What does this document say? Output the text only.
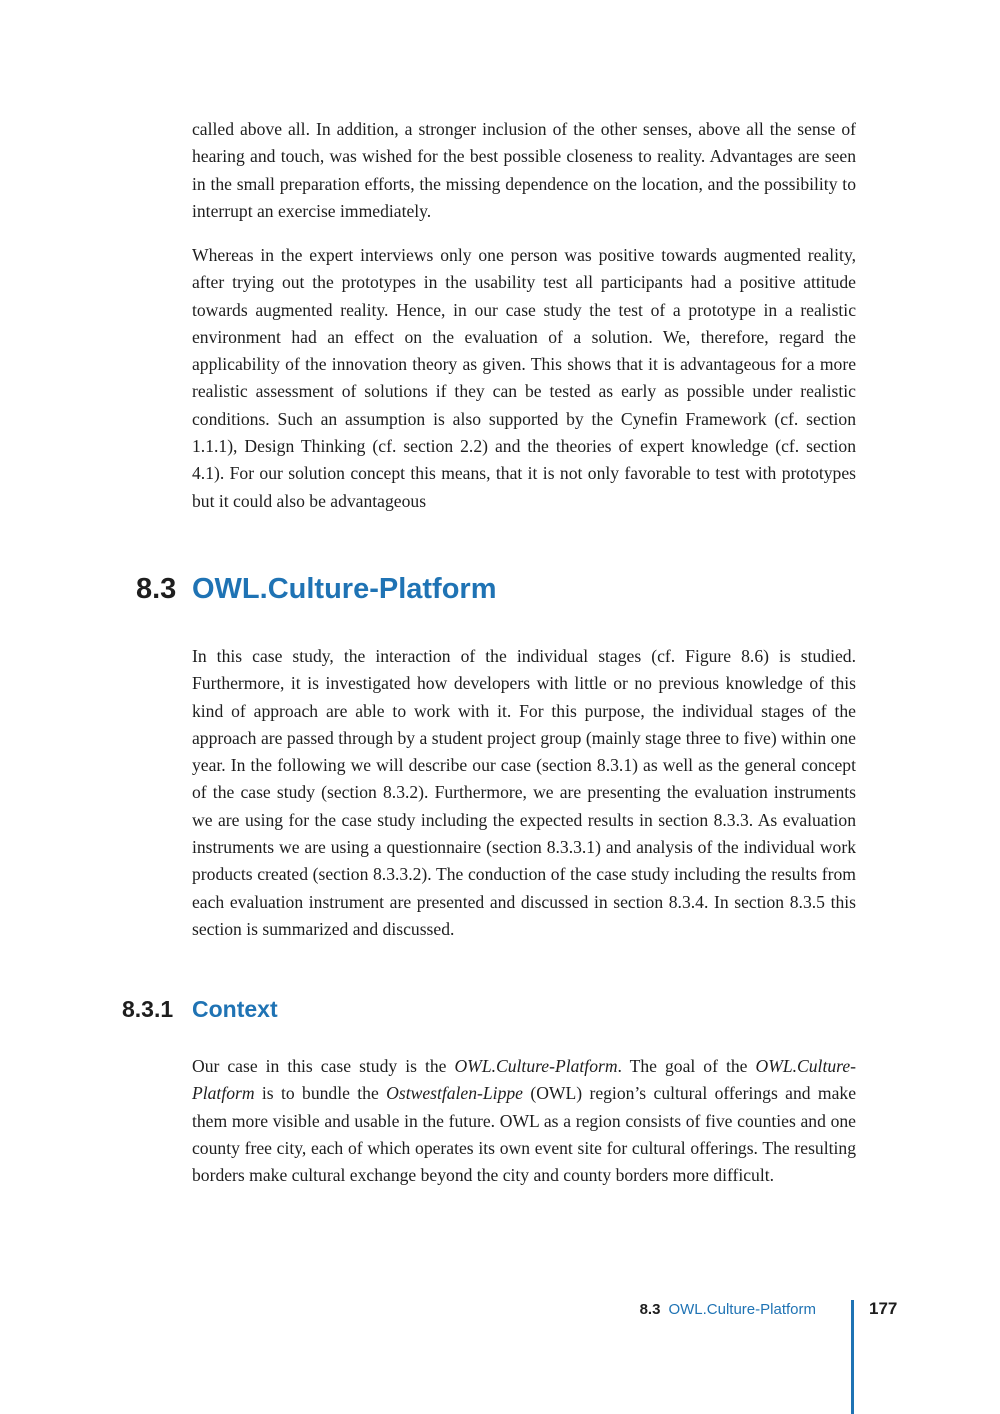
called above all. In addition, a stronger inclusion of the other senses, above all the sense of hearing and touch, was wished for the best possible closeness to reality. Advantages are seen in the small preparation efforts, the missing dependence on the location, and the possibility to interrupt an exercise immediately.

Whereas in the expert interviews only one person was positive towards augmented reality, after trying out the prototypes in the usability test all participants had a positive attitude towards augmented reality. Hence, in our case study the test of a prototype in a realistic environment had an effect on the evaluation of a solution. We, therefore, regard the applicability of the innovation theory as given. This shows that it is advantageous for a more realistic assessment of solutions if they can be tested as early as possible under realistic conditions. Such an assumption is also supported by the Cynefin Framework (cf. section 1.1.1), Design Thinking (cf. section 2.2) and the theories of expert knowledge (cf. section 4.1). For our solution concept this means, that it is not only favorable to test with prototypes but it could also be advantageous

8.3 OWL.Culture-Platform

In this case study, the interaction of the individual stages (cf. Figure 8.6) is studied. Furthermore, it is investigated how developers with little or no previous knowledge of this kind of approach are able to work with it. For this purpose, the individual stages of the approach are passed through by a student project group (mainly stage three to five) within one year. In the following we will describe our case (section 8.3.1) as well as the general concept of the case study (section 8.3.2). Furthermore, we are presenting the evaluation instruments we are using for the case study including the expected results in section 8.3.3. As evaluation instruments we are using a questionnaire (section 8.3.3.1) and analysis of the individual work products created (section 8.3.3.2). The conduction of the case study including the results from each evaluation instrument are presented and discussed in section 8.3.4. In section 8.3.5 this section is summarized and discussed.

8.3.1 Context

Our case in this case study is the OWL.Culture-Platform. The goal of the OWL.Culture-Platform is to bundle the Ostwestfalen-Lippe (OWL) region’s cultural offerings and make them more visible and usable in the future. OWL as a region consists of five counties and one county free city, each of which operates its own event site for cultural offerings. The resulting borders make cultural exchange beyond the city and county borders more difficult.

8.3 OWL.Culture-Platform	177
